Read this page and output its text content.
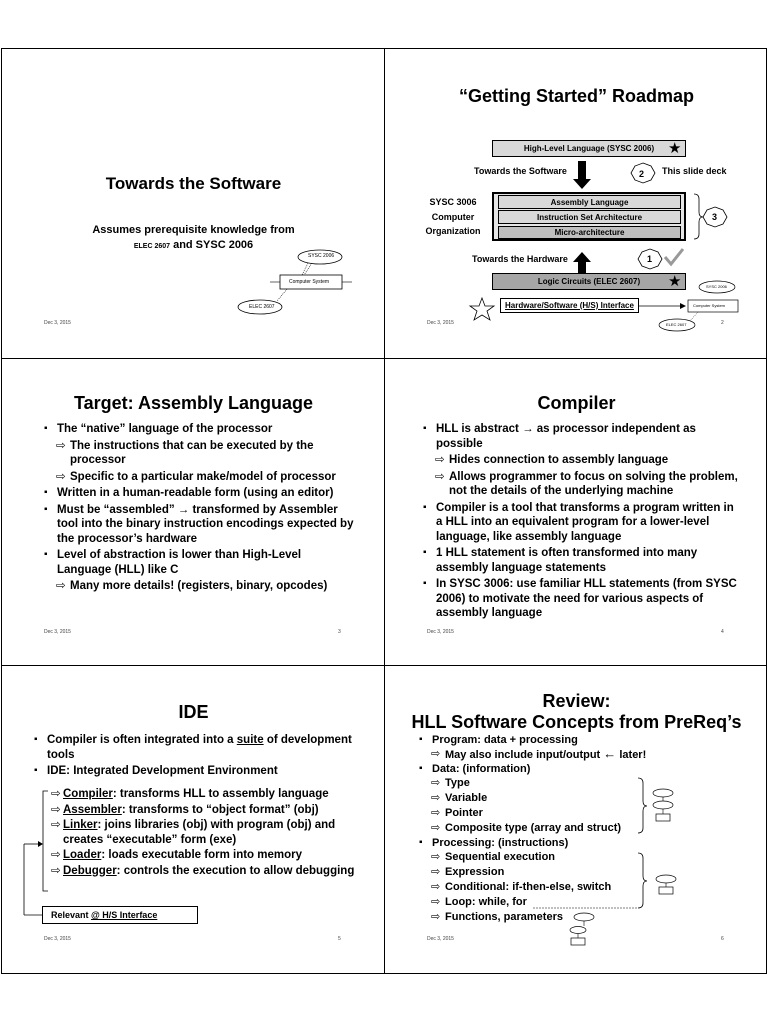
Towards the Software
Assumes prerequisite knowledge from
ELEC 2607 and SYSC 2006
SYSC 2006
Computer System
ELEC 2607
“Getting Started” Roadmap
High-Level Language (SYSC 2006) ★
Towards the Software	2 This slide deck
SYSC 3006
Computer
Organization
Assembly Language
Instruction Set Architecture
Micro-architecture
3
Towards the Hardware	1
Logic Circuits (ELEC 2607) ★
Hardware/Software (H/S) Interface
SYSC 2006
Computer System
ELEC 2607
Dec 3, 2015	2
Target: Assembly Language
▪ The “native” language of the processor
⇨ The instructions that can be executed by the processor
⇨ Specific to a particular make/model of processor
▪ Written in a human-readable form (using an editor)
▪ Must be “assembled” → transformed by Assembler tool into the binary instruction encodings expected by the processor’s hardware
▪ Level of abstraction is lower than High-Level Language (HLL) like C
⇨ Many more details! (registers, binary, opcodes)
Dec 3, 2015	3
Compiler
▪ HLL is abstract → as processor independent as possible
⇨ Hides connection to assembly language
⇨ Allows programmer to focus on solving the problem, not the details of the underlying machine
▪ Compiler is a tool that transforms a program written in a HLL into an equivalent program for a lower-level language, like assembly language
▪ 1 HLL statement is often transformed into many assembly language statements
▪ In SYSC 3006: use familiar HLL statements (from SYSC 2006) to motivate the need for various aspects of assembly language
Dec 3, 2015	4
IDE
▪ Compiler is often integrated into a suite of development tools
▪ IDE: Integrated Development Environment
⇨ Compiler: transforms HLL to assembly language
⇨ Assembler: transforms to “object format” (obj)
⇨ Linker: joins libraries (obj) with program (obj) and creates “executable” form (exe)
⇨ Loader: loads executable form into memory
⇨ Debugger: controls the execution to allow debugging
Relevant @ H/S Interface
Dec 3, 2015	5
Review:
HLL Software Concepts from PreReq’s
▪ Program: data + processing
⇨ May also include input/output ← later!
▪ Data: (information)
⇨ Type
⇨ Variable
⇨ Pointer
⇨ Composite type (array and struct)
▪ Processing: (instructions)
⇨ Sequential execution
⇨ Expression
⇨ Conditional: if-then-else, switch
⇨ Loop: while, for
⇨ Functions, parameters
Dec 3, 2015	6
Dec 3, 2015
